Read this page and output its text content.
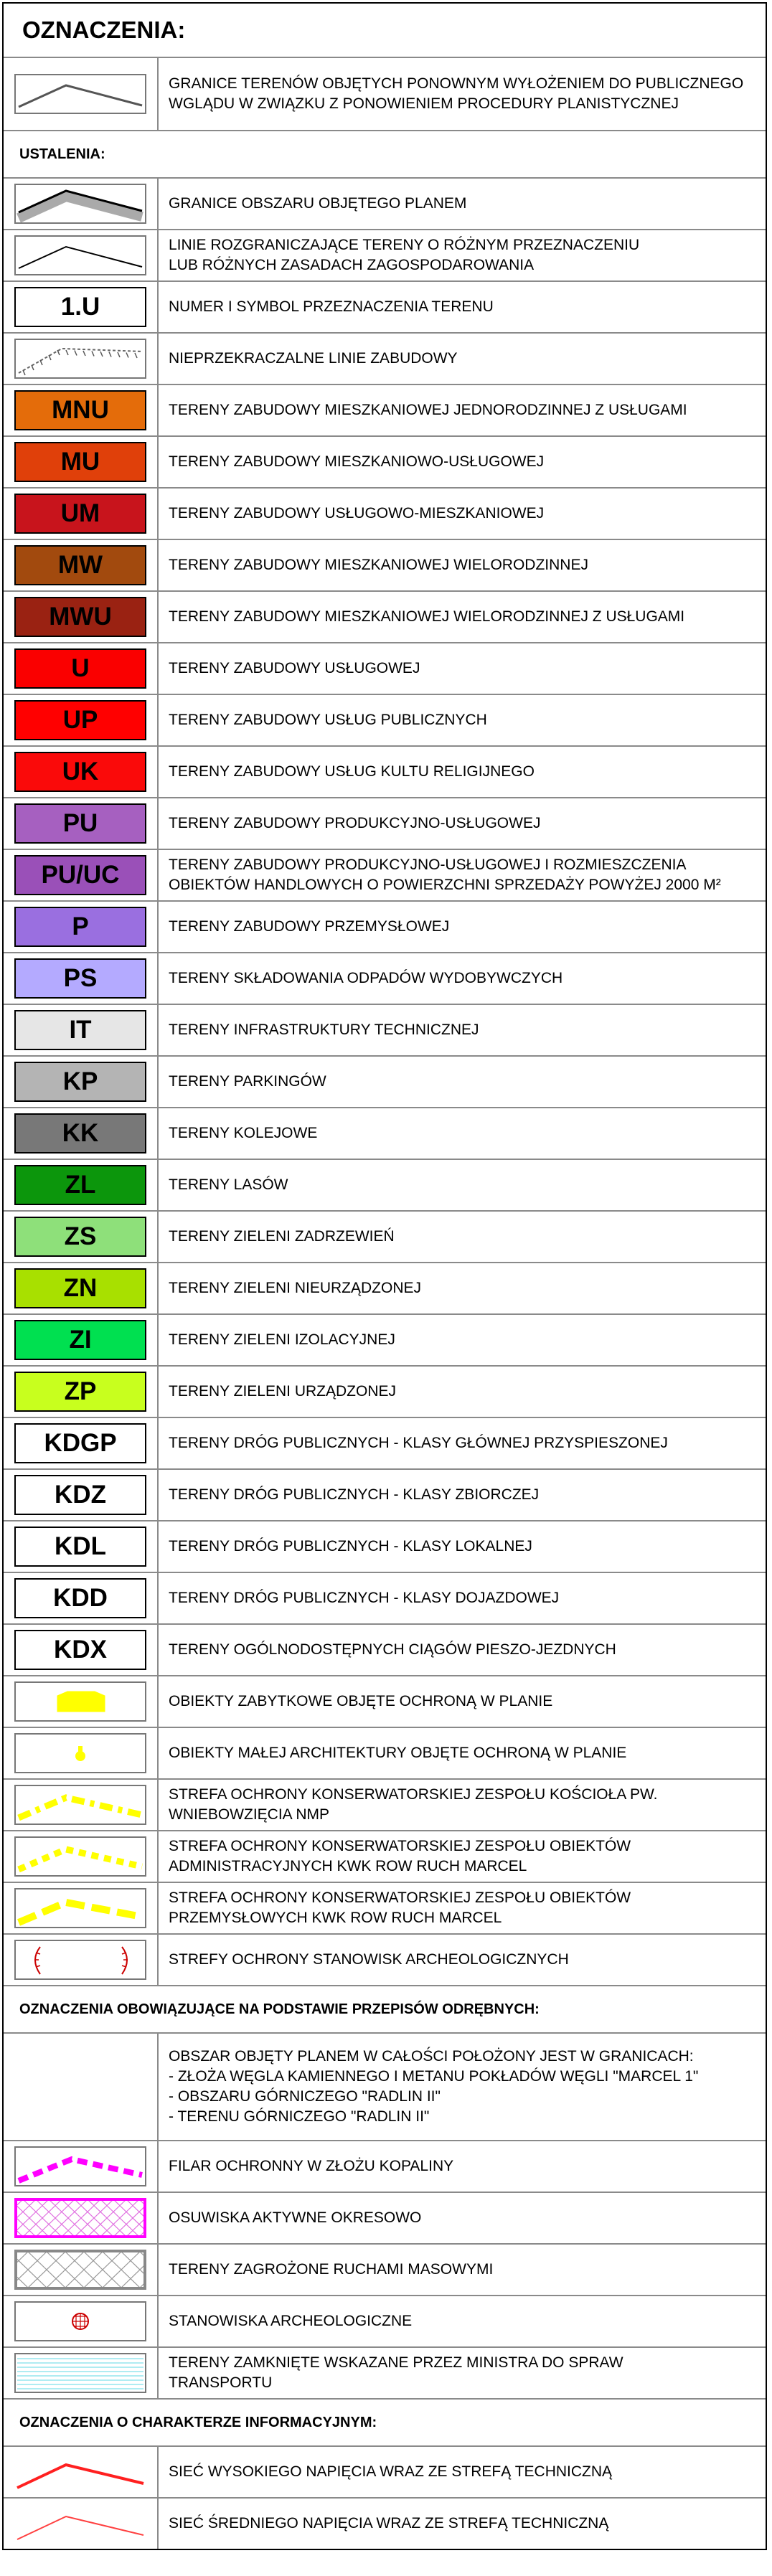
OZNACZENIA:
GRANICE TERENÓW OBJĘTYCH PONOWNYM WYŁOŻENIEM DO PUBLICZNEGO
WGLĄDU W ZWIĄZKU Z PONOWIENIEM PROCEDURY PLANISTYCZNEJ
USTALENIA:
GRANICE OBSZARU OBJĘTEGO PLANEM
LINIE ROZGRANICZAJĄCE TERENY O RÓŻNYM PRZEZNACZENIU
LUB RÓŻNYCH ZASADACH ZAGOSPODAROWANIA
1.U	NUMER I SYMBOL PRZEZNACZENIA TERENU
NIEPRZEKRACZALNE LINIE ZABUDOWY
MNU	TERENY ZABUDOWY MIESZKANIOWEJ JEDNORODZINNEJ Z USŁUGAMI
MU	TERENY ZABUDOWY MIESZKANIOWO-USŁUGOWEJ
UM	TERENY ZABUDOWY USŁUGOWO-MIESZKANIOWEJ
MW	TERENY ZABUDOWY MIESZKANIOWEJ WIELORODZINNEJ
MWU	TERENY ZABUDOWY MIESZKANIOWEJ WIELORODZINNEJ Z USŁUGAMI
U	TERENY ZABUDOWY USŁUGOWEJ
UP	TERENY ZABUDOWY USŁUG PUBLICZNYCH
UK	TERENY ZABUDOWY USŁUG KULTU RELIGIJNEGO
PU	TERENY ZABUDOWY PRODUKCYJNO-USŁUGOWEJ
PU/UC	TERENY ZABUDOWY PRODUKCYJNO-USŁUGOWEJ I ROZMIESZCZENIA
OBIEKTÓW HANDLOWYCH O POWIERZCHNI SPRZEDAŻY POWYŻEJ 2000 M²
P	TERENY ZABUDOWY PRZEMYSŁOWEJ
PS	TERENY SKŁADOWANIA ODPADÓW WYDOBYWCZYCH
IT	TERENY INFRASTRUKTURY TECHNICZNEJ
KP	TERENY PARKINGÓW
KK	TERENY KOLEJOWE
ZL	TERENY LASÓW
ZS	TERENY ZIELENI ZADRZEWIEŃ
ZN	TERENY ZIELENI NIEURZĄDZONEJ
ZI	TERENY ZIELENI IZOLACYJNEJ
ZP	TERENY ZIELENI URZĄDZONEJ
KDGP	TERENY DRÓG PUBLICZNYCH - KLASY GŁÓWNEJ PRZYSPIESZONEJ
KDZ	TERENY DRÓG PUBLICZNYCH - KLASY ZBIORCZEJ
KDL	TERENY DRÓG PUBLICZNYCH - KLASY LOKALNEJ
KDD	TERENY DRÓG PUBLICZNYCH - KLASY DOJAZDOWEJ
KDX	TERENY OGÓLNODOSTĘPNYCH CIĄGÓW PIESZO-JEZDNYCH
OBIEKTY ZABYTKOWE OBJĘTE OCHRONĄ W PLANIE
OBIEKTY MAŁEJ ARCHITEKTURY OBJĘTE OCHRONĄ W PLANIE
STREFA OCHRONY KONSERWATORSKIEJ ZESPOŁU KOŚCIOŁA PW.
WNIEBOWZIĘCIA NMP
STREFA OCHRONY KONSERWATORSKIEJ ZESPOŁU OBIEKTÓW
ADMINISTRACYJNYCH KWK ROW RUCH MARCEL
STREFA OCHRONY KONSERWATORSKIEJ ZESPOŁU OBIEKTÓW
PRZEMYSŁOWYCH KWK ROW RUCH MARCEL
STREFY OCHRONY STANOWISK ARCHEOLOGICZNYCH
OZNACZENIA OBOWIĄZUJĄCE NA PODSTAWIE PRZEPISÓW ODRĘBNYCH:
OBSZAR OBJĘTY PLANEM W CAŁOŚCI POŁOŻONY JEST W GRANICACH:
- ZŁOŻA WĘGLA KAMIENNEGO I METANU POKŁADÓW WĘGLI "MARCEL 1"
- OBSZARU GÓRNICZEGO "RADLIN II"
- TERENU GÓRNICZEGO "RADLIN II"
FILAR OCHRONNY W ZŁOŻU KOPALINY
OSUWISKA AKTYWNE OKRESOWO
TERENY ZAGROŻONE RUCHAMI MASOWYMI
STANOWISKA ARCHEOLOGICZNE
TERENY ZAMKNIĘTE WSKAZANE PRZEZ MINISTRA DO SPRAW
TRANSPORTU
OZNACZENIA O CHARAKTERZE INFORMACYJNYM:
SIEĆ WYSOKIEGO NAPIĘCIA WRAZ ZE STREFĄ TECHNICZNĄ
SIEĆ ŚREDNIEGO NAPIĘCIA WRAZ ZE STREFĄ TECHNICZNĄ
